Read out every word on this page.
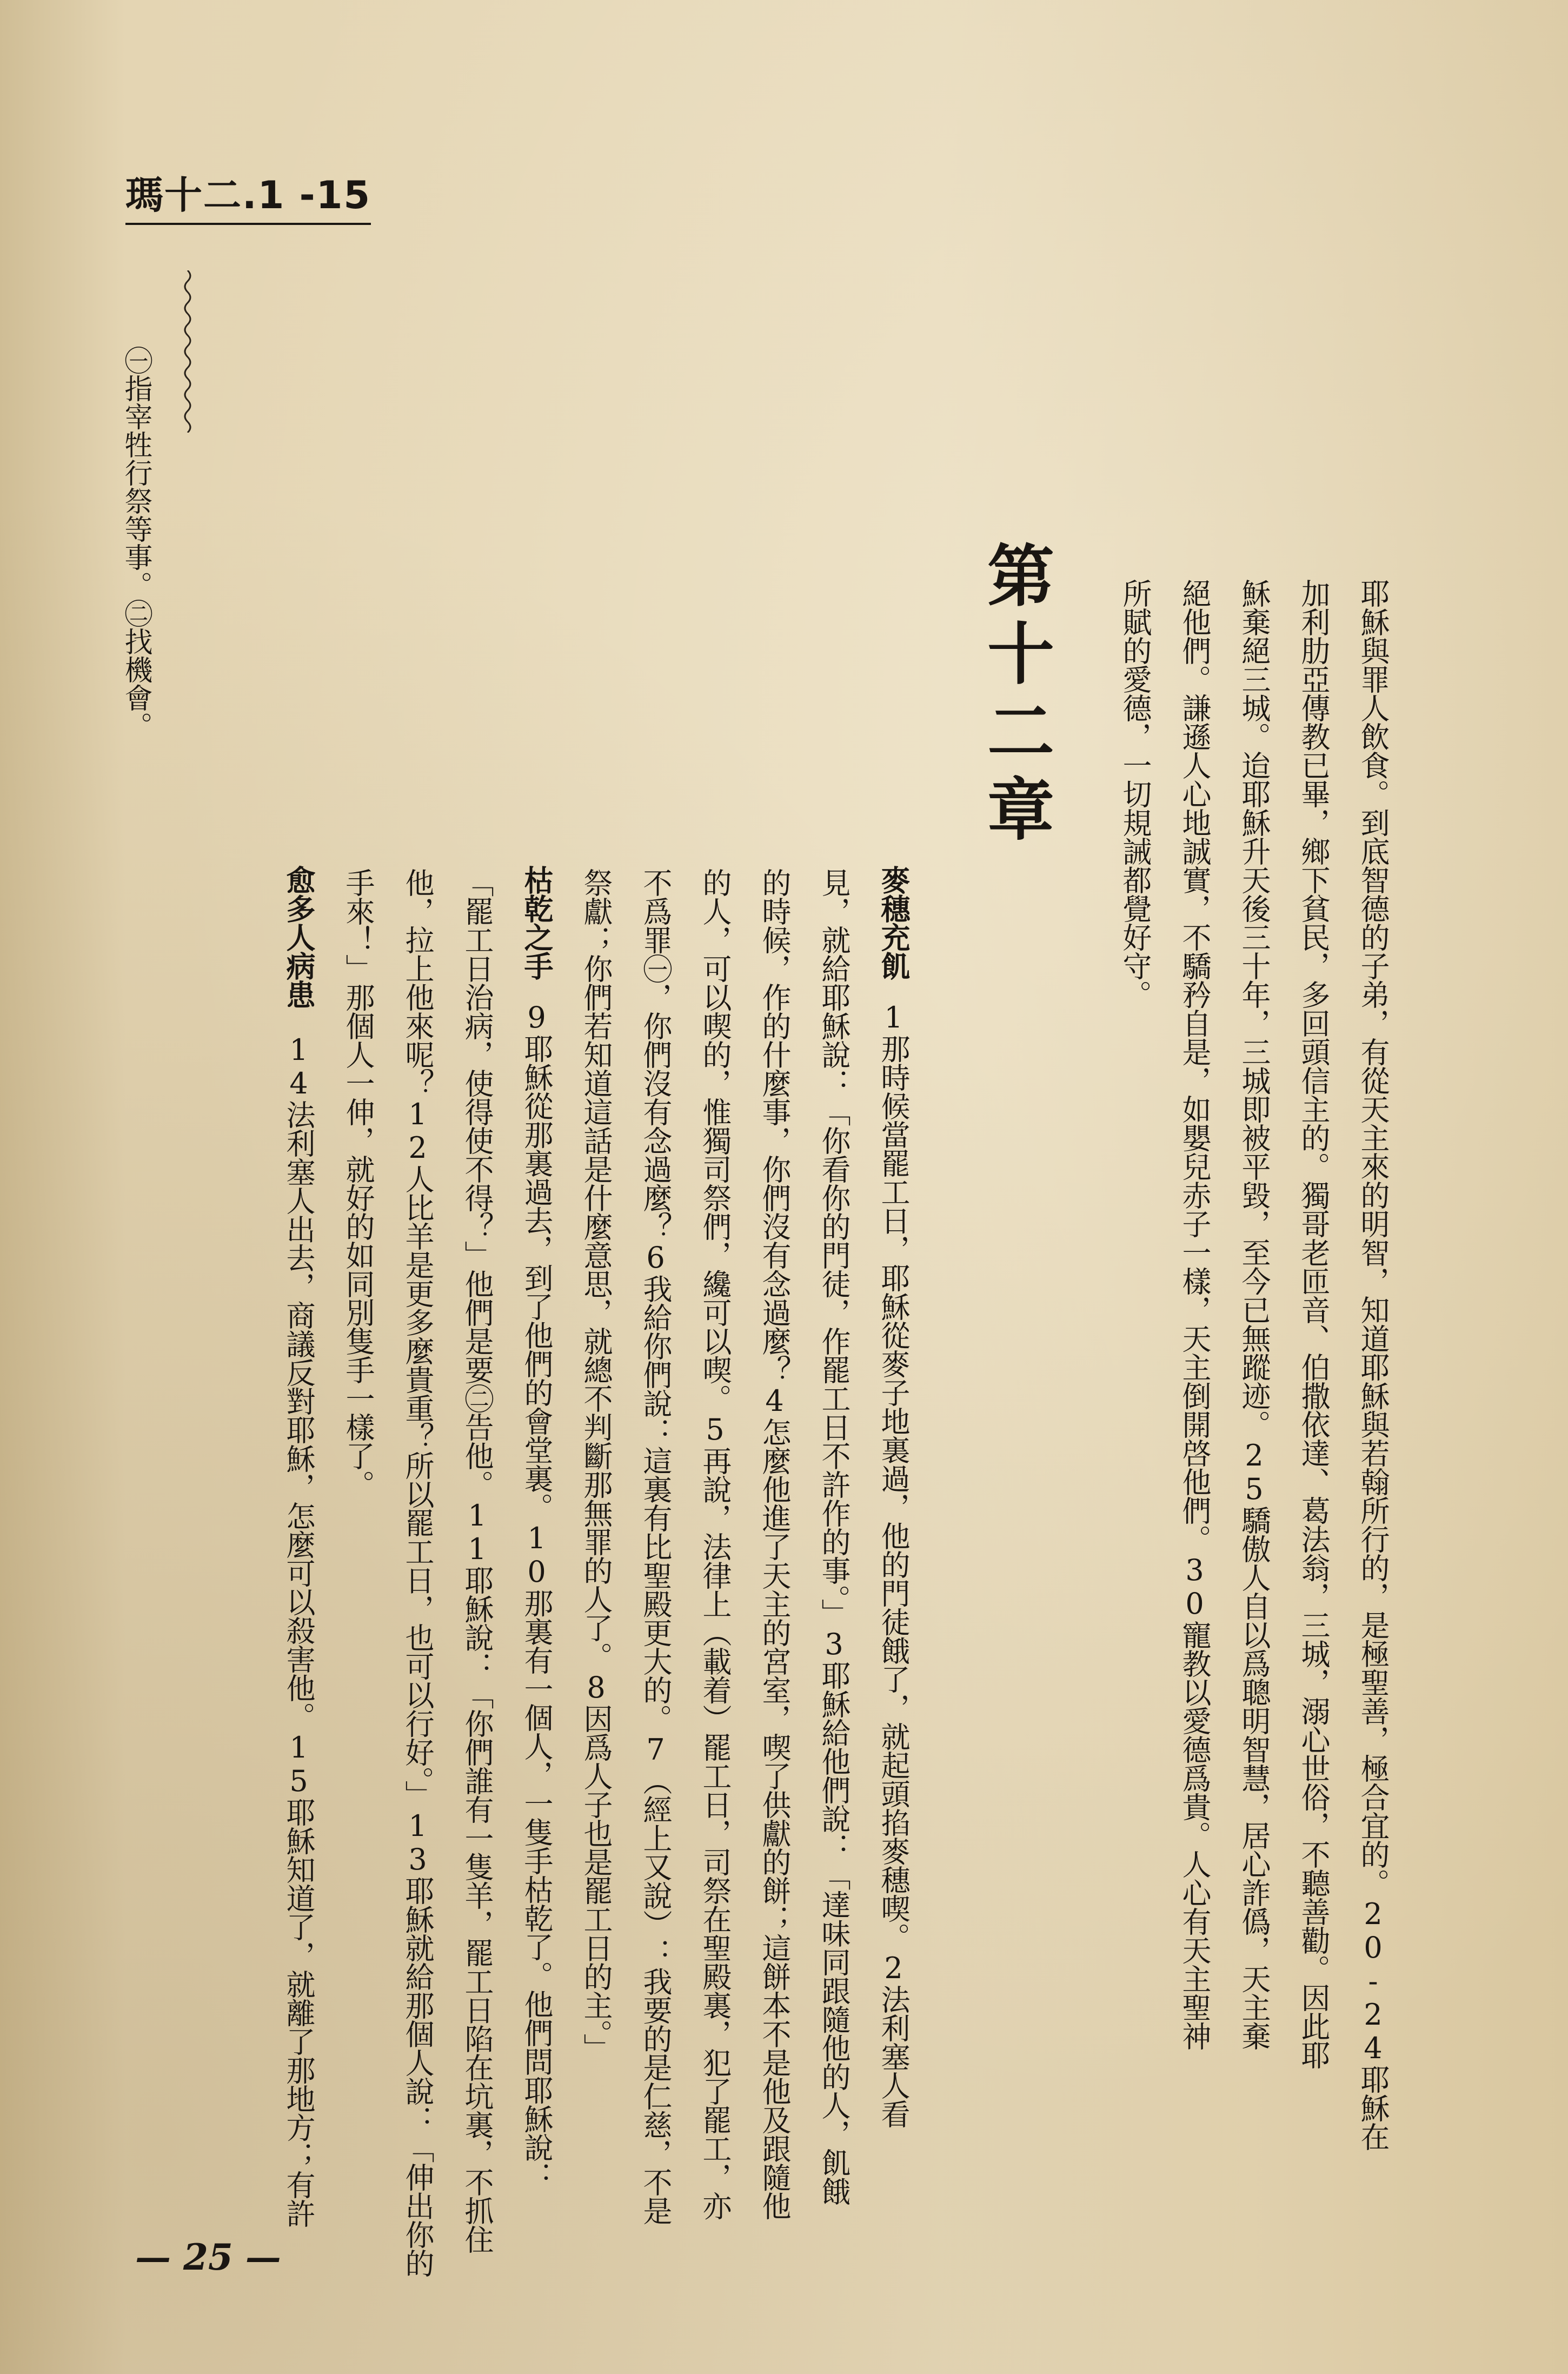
瑪十二.1 -15
耶穌與罪人飲食。到底智德的子弟，有從天主來的明智，知道耶穌與若翰所行的，是極聖善，極合宜的。20-24耶穌在
加利肋亞傳教已畢，鄉下貧民，多回頭信主的。獨哥老匝音、伯撒依達、葛法翁，三城，溺心世俗，不聽善勸。因此耶
穌棄絕三城。迨耶穌升天後三十年，三城即被平毀，至今已無蹤迹。25驕傲人自以爲聰明智慧，居心詐僞，天主棄
絕他們。謙遜人心地誠實，不驕矜自是，如嬰兒赤子一樣，天主倒開啓他們。30寵教以愛德爲貴。人心有天主聖神
所賦的愛德，一切規誡都覺好守。
第十二章
麥穗充飢
1那時候當罷工日，耶穌從麥子地裏過，他的門徒餓了，就起頭掐麥穗喫。2法利塞人看
見，就給耶穌說：「你看你的門徒，作罷工日不許作的事。」3耶穌給他們說：「達味同跟隨他的人，飢餓
的時候，作的什麼事，你們沒有念過麼？4怎麼他進了天主的宮室，喫了供獻的餅；這餅本不是他及跟隨他
的人，可以喫的，惟獨司祭們，纔可以喫。5再說，法律上（載着）罷工日，司祭在聖殿裏，犯了罷工，亦
不爲罪㊀，你們沒有念過麼？6我給你們說：這裏有比聖殿更大的。7（經上又說）：我要的是仁慈，不是
祭獻；你們若知道這話是什麼意思，就總不判斷那無罪的人了。8因爲人子也是罷工日的主。」
枯乾之手
9耶穌從那裏過去，到了他們的會堂裏。10那裏有一個人，一隻手枯乾了。他們問耶穌說：
「罷工日治病，使得使不得？」他們是要㊁告他。11耶穌說：「你們誰有一隻羊，罷工日陷在坑裏，不抓住
他，拉上他來呢？12人比羊是更多麼貴重？所以罷工日，也可以行好。」13耶穌就給那個人說：「伸出你的
手來！」那個人一伸，就好的如同別隻手一樣了。
愈多人病患
14法利塞人出去，商議反對耶穌，怎麼可以殺害他。15耶穌知道了，就離了那地方；有許
㊀指宰牲行祭等事。㊁找機會。
— 25 —
